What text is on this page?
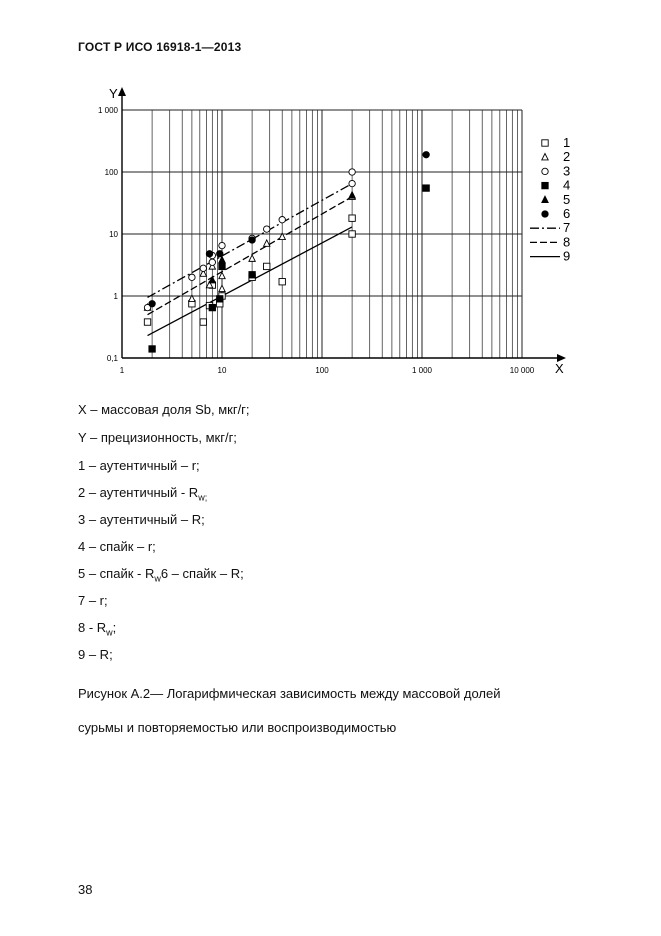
ГОСТ Р ИСО 16918-1—2013
Y
X
1	10	100	1 000	10 000
0,1
1
10
100
1 000
1
2
3
4
5
6
7
8
9
X – массовая доля Sb, мкг/г;
Y – прецизионность, мкг/г;
1 – аутентичный – r;
2 – аутентичный - $R_{w;}$
3 – аутентичный – R;
4 – спайк – r;
5 – спайк - $R_w6$ – спайк – R;
7 – r;
$8 - R_w$;
9 – R;
Рисунок А.2— Логарифмическая зависимость между массовой долей
сурьмы и повторяемостью или воспроизводимостью
38
